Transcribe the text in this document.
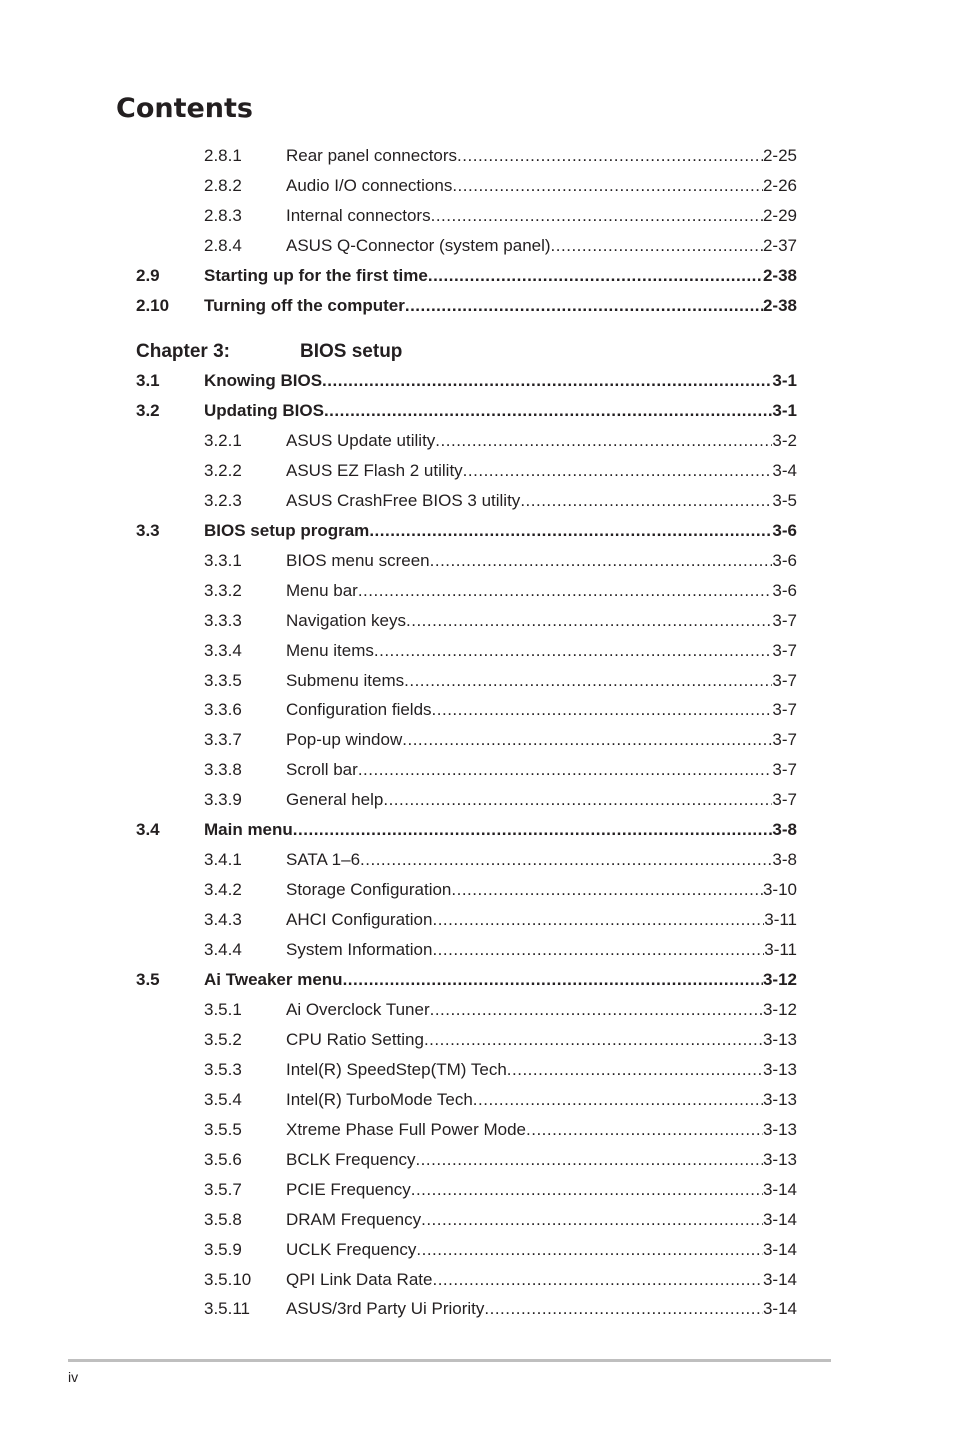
Contents
2.8.1	Rear panel connectors .....	2-25
2.8.2	Audio I/O connections .....	2-26
2.8.3	Internal connectors .....	2-29
2.8.4	ASUS Q-Connector (system panel) .....	2-37
2.9	Starting up for the first time .....	2-38
2.10 Turning off the computer .....	2-38
Chapter 3:	BIOS setup
3.1	Knowing BIOS .....	3-1
3.2	Updating BIOS .....	3-1
3.2.1	ASUS Update utility .....	3-2
3.2.2	ASUS EZ Flash 2 utility .....	3-4
3.2.3	ASUS CrashFree BIOS 3 utility .....	3-5
3.3	BIOS setup program .....	3-6
3.3.1	BIOS menu screen .....	3-6
3.3.2	Menu bar .....	3-6
3.3.3	Navigation keys .....	3-7
3.3.4	Menu items .....	3-7
3.3.5	Submenu items .....	3-7
3.3.6	Configuration fields .....	3-7
3.3.7	Pop-up window .....	3-7
3.3.8	Scroll bar .....	3-7
3.3.9	General help .....	3-7
3.4	Main menu .....	3-8
3.4.1	SATA 1–6 .....	3-8
3.4.2	Storage Configuration .....	3-10
3.4.3	AHCI Configuration .....	3-11
3.4.4	System Information .....	3-11
3.5	Ai Tweaker menu .....	3-12
3.5.1	Ai Overclock Tuner .....	3-12
3.5.2	CPU Ratio Setting .....	3-13
3.5.3	Intel(R) SpeedStep(TM) Tech .....	3-13
3.5.4	Intel(R) TurboMode Tech .....	3-13
3.5.5	Xtreme Phase Full Power Mode .....	3-13
3.5.6	BCLK Frequency .....	3-13
3.5.7	PCIE Frequency .....	3-14
3.5.8	DRAM Frequency .....	3-14
3.5.9	UCLK Frequency .....	3-14
3.5.10 QPI Link Data Rate .....	3-14
3.5.11 ASUS/3rd Party Ui Priority .....	3-14
iv
